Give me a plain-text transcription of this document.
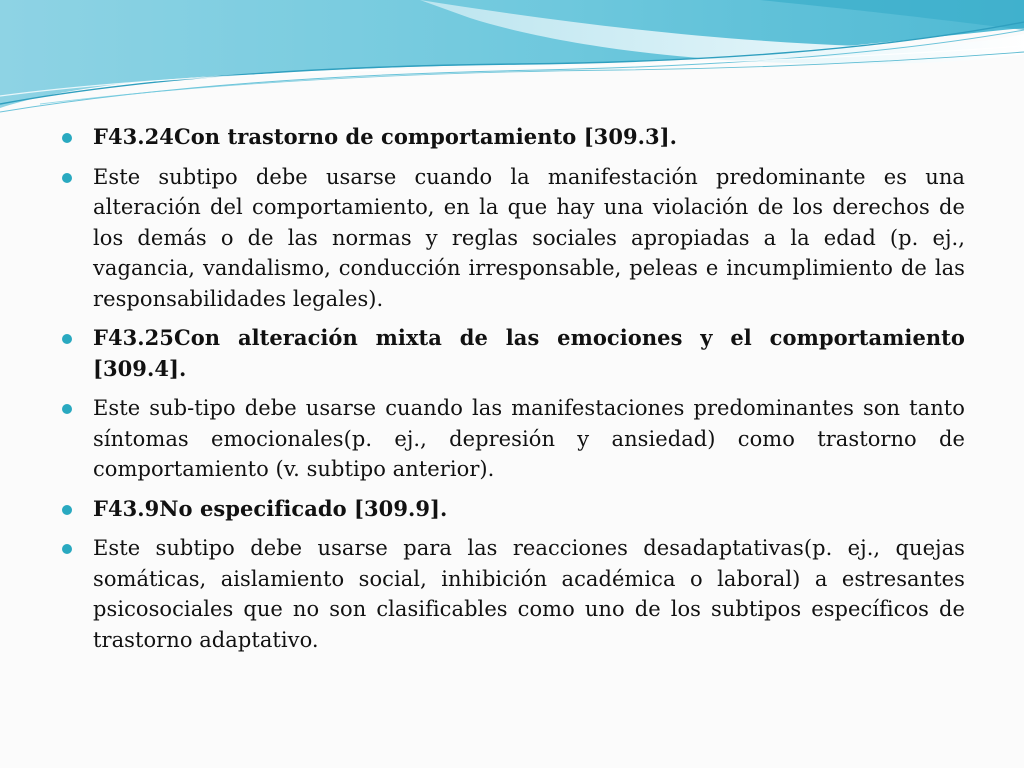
F43.24Con trastorno de comportamiento [309.3].
Este subtipo debe usarse cuando la manifestación predominante es una alteración del comportamiento, en la que hay una violación de los derechos de los demás o de las normas y reglas sociales apropiadas a la edad (p. ej., vagancia, vandalismo, conducción irresponsable, peleas e incumplimiento de las responsabilidades legales).
F43.25Con alteración mixta de las emociones y el comportamiento [309.4].
Este sub-tipo debe usarse cuando las manifestaciones predominantes son tanto síntomas emocionales(p. ej., depresión y ansiedad) como trastorno de comportamiento (v. subtipo anterior).
F43.9No especificado [309.9].
Este subtipo debe usarse para las reacciones desadaptativas(p. ej., quejas somáticas, aislamiento social, inhibición académica o laboral) a estresantes psicosociales que no son clasificables como uno de los subtipos específicos de trastorno adaptativo.
